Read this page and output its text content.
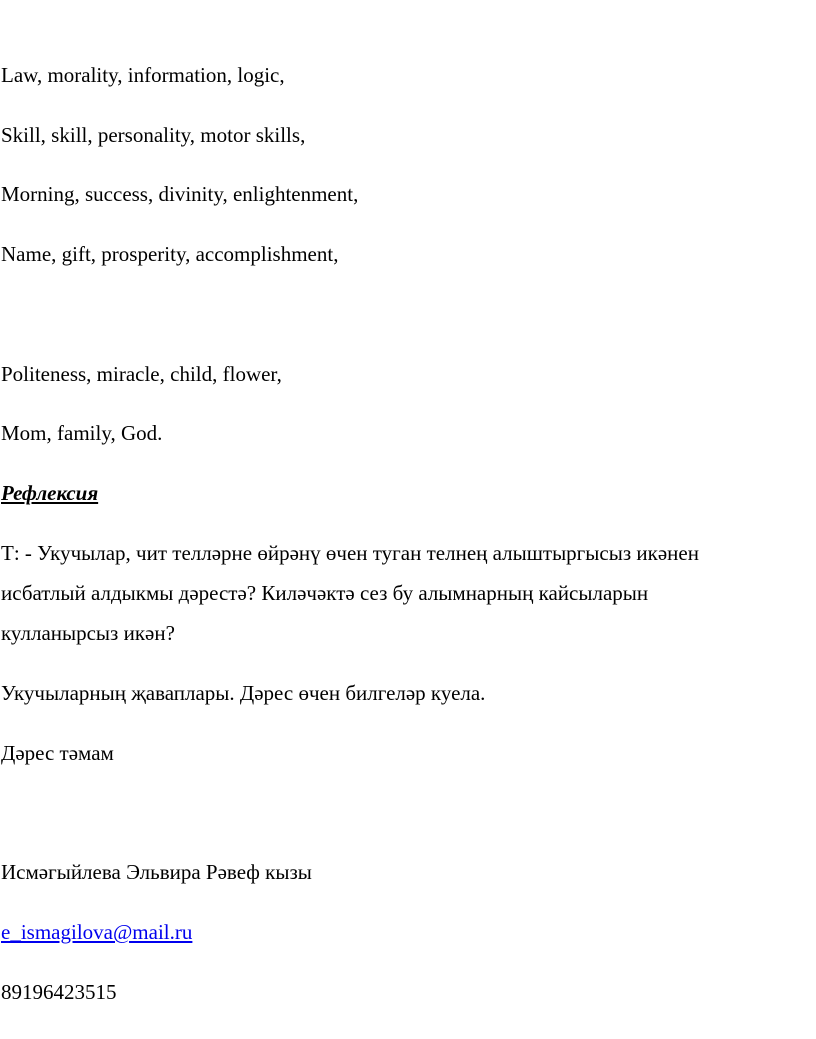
Law, morality, information, logic,

Skill, skill, personality, motor skills,

Morning, success, divinity, enlightenment,

Name, gift, prosperity, accomplishment,

Politeness, miracle, child, flower,

Mom, family, God.

Рефлексия

Т: - Укучылар, чит телләрне өйрәнү өчен туган телнең алыштыргысыз икәнен

исбатлый алдыкмы дәрестә? Киләчәктә сез бу алымнарның кайсыларын

кулланырсыз икән?

Укучыларның җаваплары. Дәрес өчен билгеләр куела.

Дәрес тәмам

Исмәгыйлева Эльвира Рәвеф кызы

e_ismagilova@mail.ru

89196423515
